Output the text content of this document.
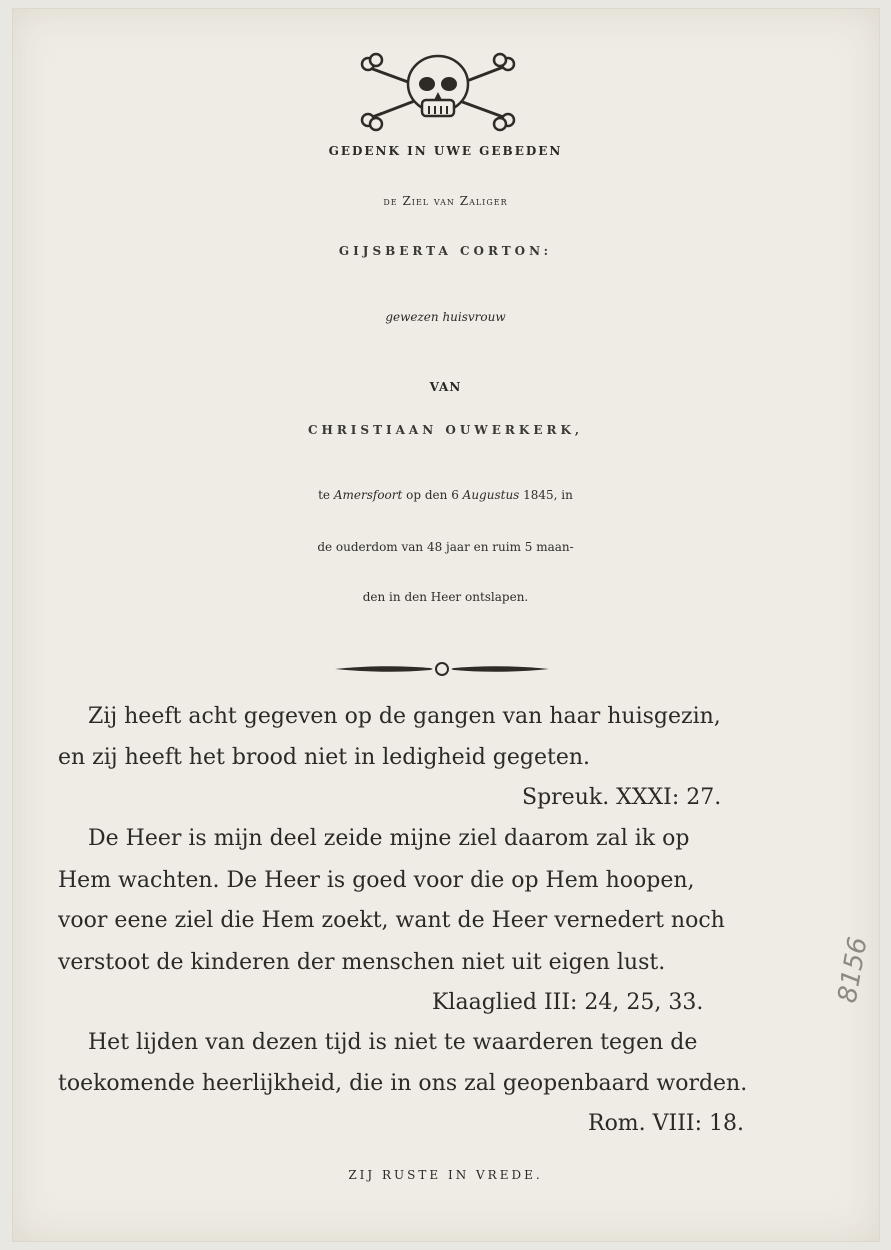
GEDENK IN UWE GEBEDEN
de Ziel van Zaliger
GIJSBERTA CORTON:
gewezen huisvrouw
VAN
CHRISTIAAN OUWERKERK,
te Amersfoort op den 6 Augustus 1845, in
de ouderdom van 48 jaar en ruim 5 maan-
den in den Heer ontslapen.
Zij heeft acht gegeven op de gangen van haar huisgezin,
en zij heeft het brood niet in ledigheid gegeten.
Spreuk. XXXI: 27.
De Heer is mijn deel zeide mijne ziel daarom zal ik op
Hem wachten. De Heer is goed voor die op Hem hoopen,
voor eene ziel die Hem zoekt, want de Heer vernedert noch
verstoot de kinderen der menschen niet uit eigen lust.
Klaaglied III: 24, 25, 33.
Het lijden van dezen tijd is niet te waarderen tegen de
toekomende heerlijkheid, die in ons zal geopenbaard worden.
Rom. VIII: 18.
ZIJ RUSTE IN VREDE.
8156
